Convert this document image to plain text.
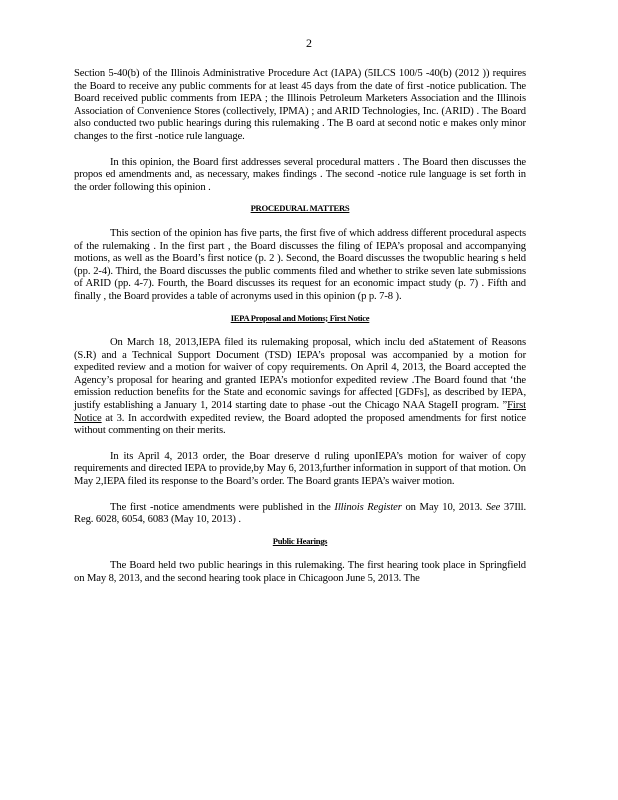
2

Section 5-40(b) of the Illinois Administrative Procedure Act (IAPA) (5ILCS 100/5 -40(b) (2012 )) requires the Board to receive any public comments for at least 45 days from the date of first -notice publication. The Board received public comments from IEPA ; the Illinois Petroleum Marketers Association and the Illinois Association of Convenience Stores (collectively, IPMA) ; and ARID Technologies, Inc. (ARID) . The Board also conducted two public hearings during this rulemaking . The B oard at second notic e makes only minor changes to the first -notice rule language.

In this opinion, the Board first addresses several procedural matters . The Board then discusses the propos ed amendments and, as necessary, makes findings . The second -notice rule language is set forth in the order following this opinion .

PROCEDURAL MATTERS

This section of the opinion has five parts, the first five of which address different procedural aspects of the rulemaking . In the first part , the Board discusses the filing of IEPA’s proposal and accompanying motions, as well as the Board’s first notice (p. 2 ). Second, the Board discusses the twopublic hearing s held (pp. 2-4). Third, the Board discusses the public comments filed and whether to strike seven late submissions of ARID (pp. 4-7). Fourth, the Board discusses its request for an economic impact study (p. 7) . Fifth and finally , the Board provides a table of acronyms used in this opinion (p p. 7-8 ).

IEPA Proposal and Motions; First Notice

On March 18, 2013,IEPA filed its rulemaking proposal, which inclu ded aStatement of Reasons (S.R) and a Technical Support Document (TSD) IEPA’s proposal was accompanied by a motion for expedited review and a motion for waiver of copy requirements. On April 4, 2013, the Board accepted the Agency’s proposal for hearing and granted IEPA’s motionfor expedited review .The Board found that ‘the emission reduction benefits for the State and economic savings for affected [GDFs], as described by IEPA, justify establishing a January 1, 2014 starting date to phase -out the Chicago NAA StageII program. ”First Notice at 3. In accordwith expedited review, the Board adopted the proposed amendments for first notice without commenting on their merits.

In its April 4, 2013 order, the Boar dreserve d ruling uponIEPA’s motion for waiver of copy requirements and directed IEPA to provide,by May 6, 2013,further information in support of that motion. On May 2,IEPA filed its response to the Board’s order. The Board grants IEPA’s waiver motion.

The first -notice amendments were published in the Illinois Register on May 10, 2013. See 37Ill. Reg. 6028, 6054, 6083 (May 10, 2013) .

Public Hearings

The Board held two public hearings in this rulemaking. The first hearing took place in Springfield on May 8, 2013, and the second hearing took place in Chicagoon June 5, 2013. The
